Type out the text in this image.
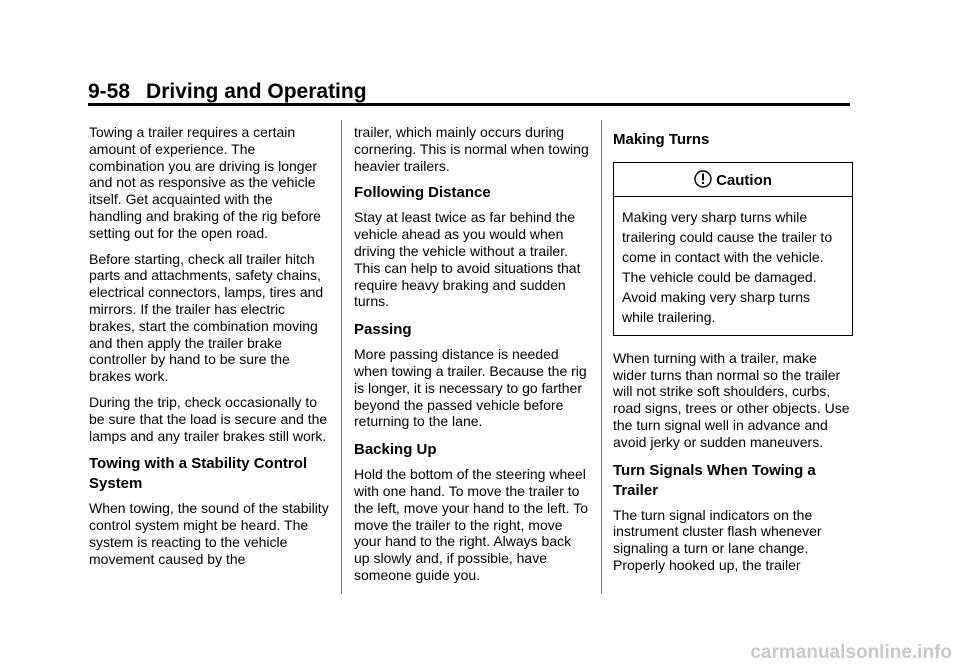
9-58 Driving and Operating

Towing a trailer requires a certain amount of experience. The combination you are driving is longer and not as responsive as the vehicle itself. Get acquainted with the handling and braking of the rig before setting out for the open road.

Before starting, check all trailer hitch parts and attachments, safety chains, electrical connectors, lamps, tires and mirrors. If the trailer has electric brakes, start the combination moving and then apply the trailer brake controller by hand to be sure the brakes work.

During the trip, check occasionally to be sure that the load is secure and the lamps and any trailer brakes still work.

Towing with a Stability Control System

When towing, the sound of the stability control system might be heard. The system is reacting to the vehicle movement caused by the

trailer, which mainly occurs during cornering. This is normal when towing heavier trailers.

Following Distance

Stay at least twice as far behind the vehicle ahead as you would when driving the vehicle without a trailer. This can help to avoid situations that require heavy braking and sudden turns.

Passing

More passing distance is needed when towing a trailer. Because the rig is longer, it is necessary to go farther beyond the passed vehicle before returning to the lane.

Backing Up

Hold the bottom of the steering wheel with one hand. To move the trailer to the left, move your hand to the left. To move the trailer to the right, move your hand to the right. Always back up slowly and, if possible, have someone guide you.

Making Turns
Caution
Making very sharp turns while trailering could cause the trailer to come in contact with the vehicle. The vehicle could be damaged. Avoid making very sharp turns while trailering.

When turning with a trailer, make wider turns than normal so the trailer will not strike soft shoulders, curbs, road signs, trees or other objects. Use the turn signal well in advance and avoid jerky or sudden maneuvers.

Turn Signals When Towing a Trailer

The turn signal indicators on the instrument cluster flash whenever signaling a turn or lane change. Properly hooked up, the trailer

carmanualsonline.info
